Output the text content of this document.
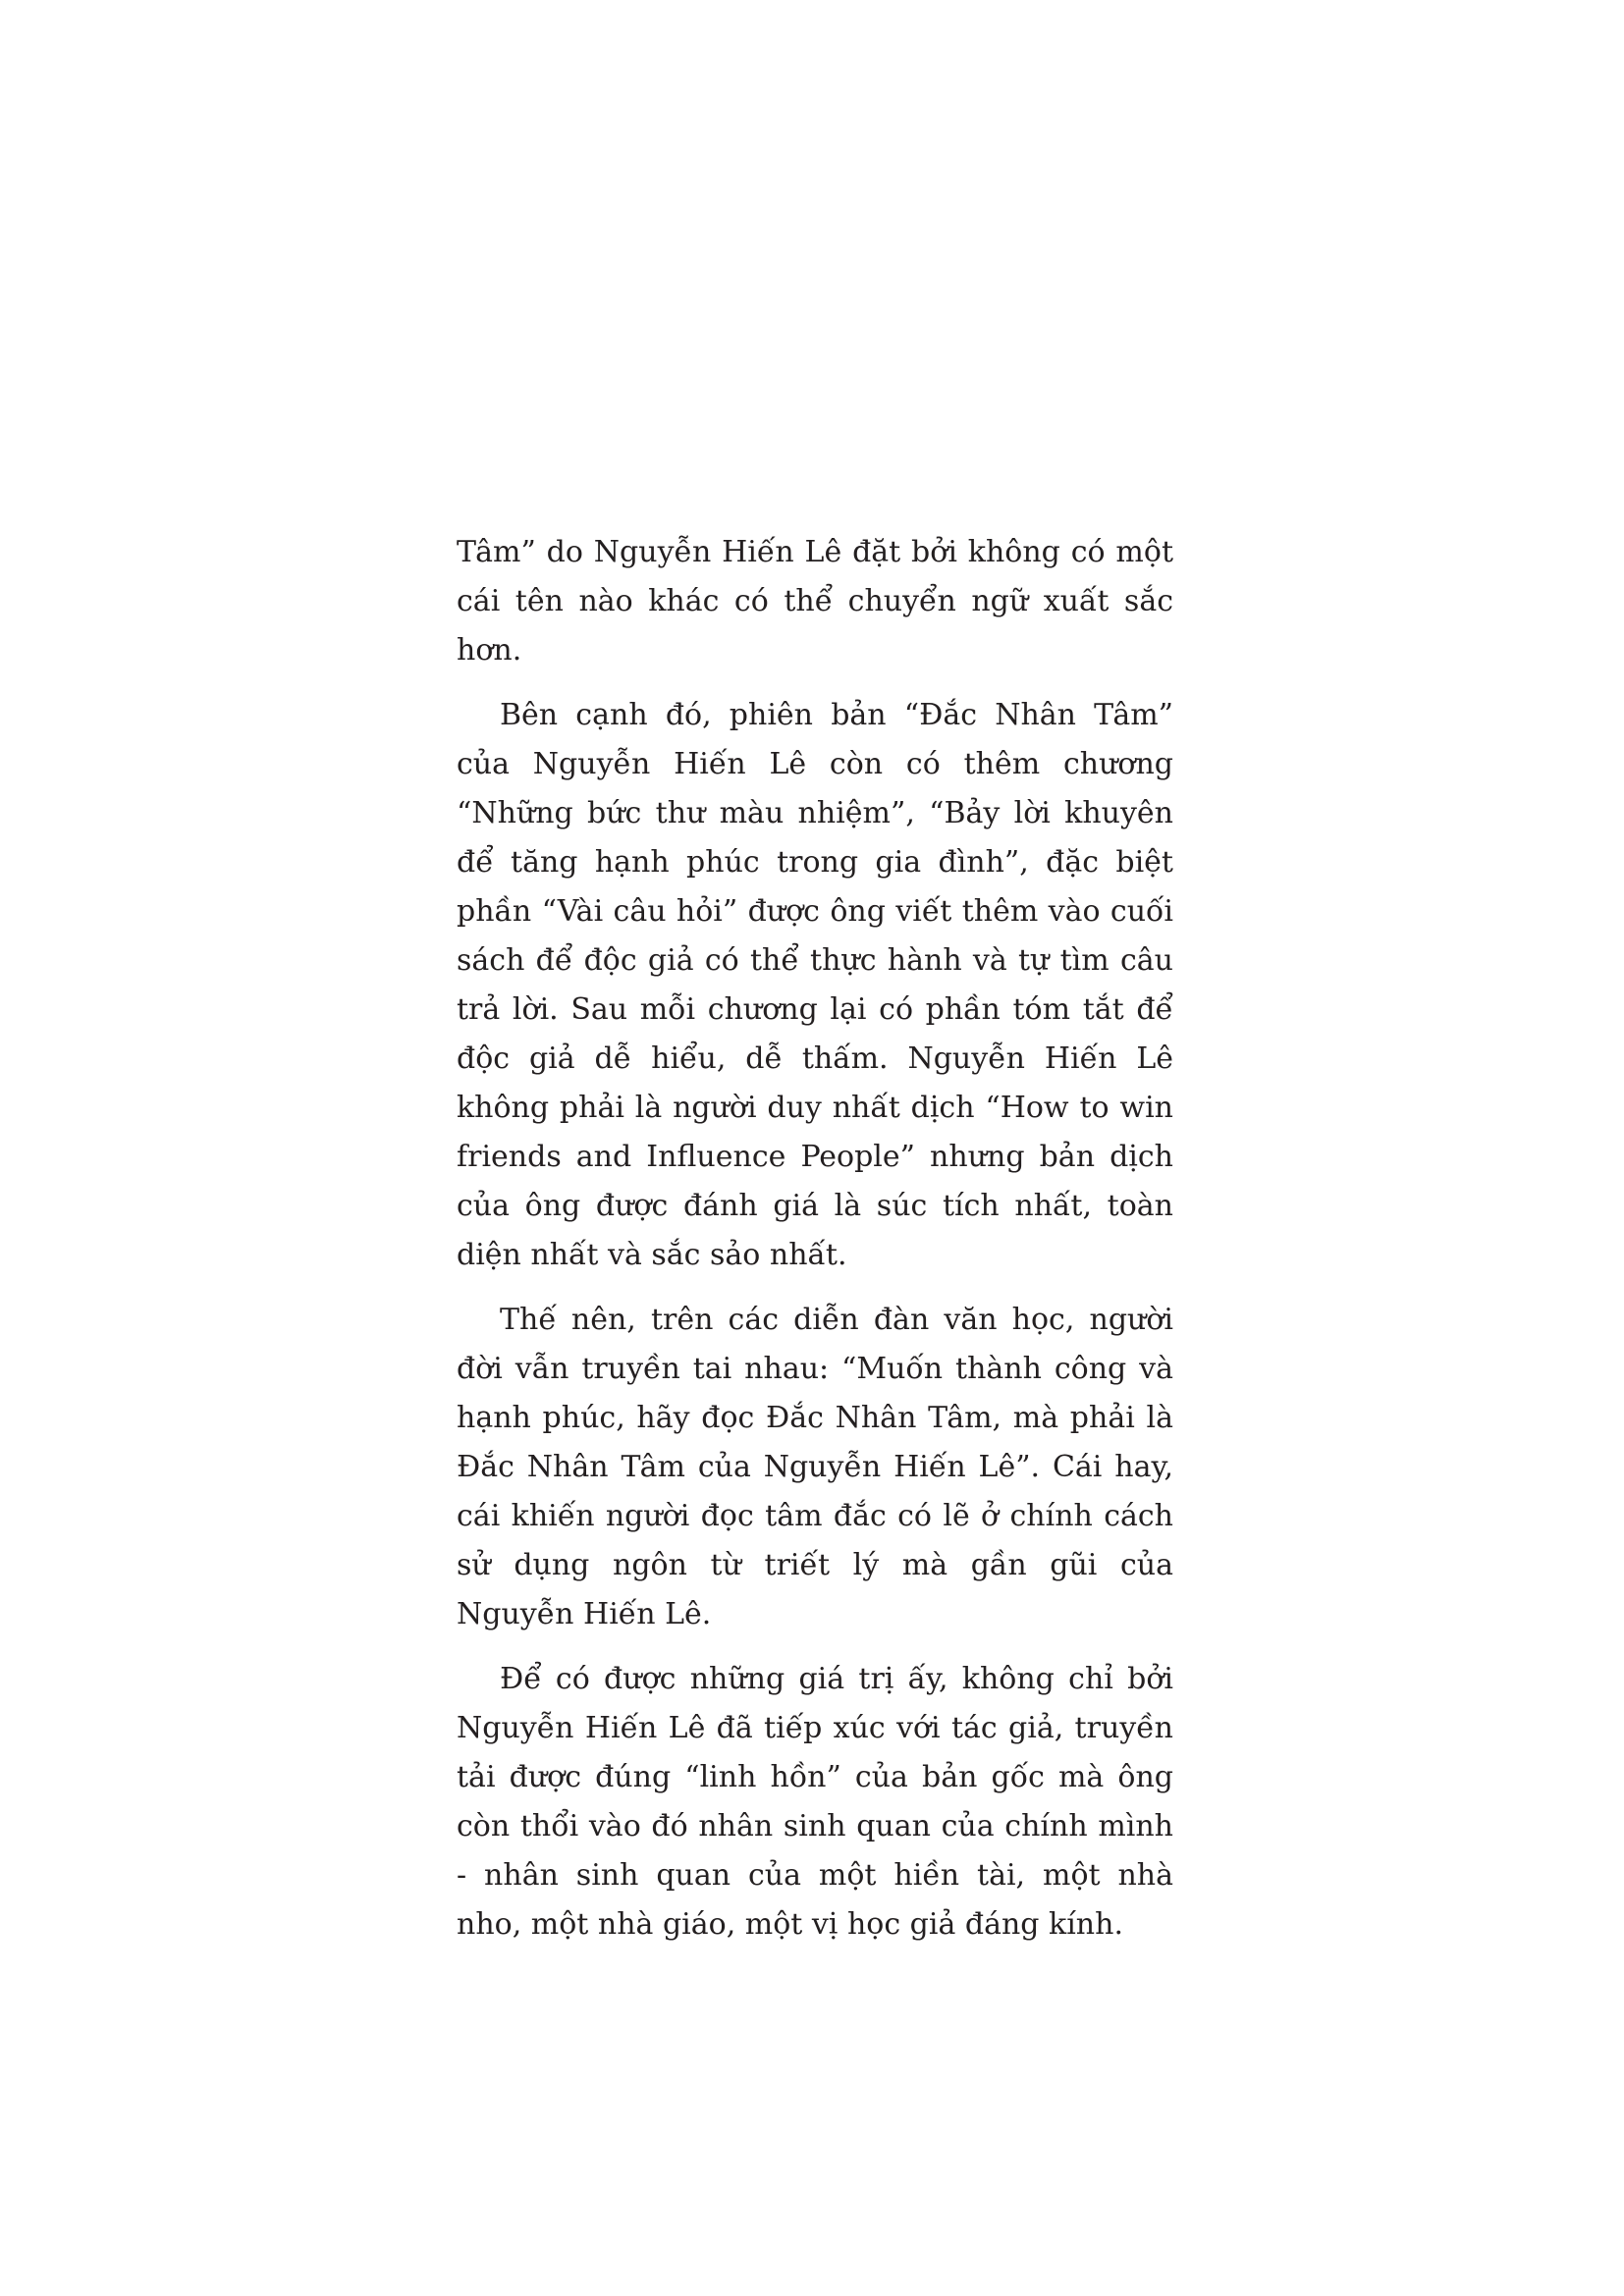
Tâm” do Nguyễn Hiến Lê đặt bởi không có một cái tên nào khác có thể chuyển ngữ xuất sắc hơn.

Bên cạnh đó, phiên bản “Đắc Nhân Tâm” của Nguyễn Hiến Lê còn có thêm chương “Những bức thư màu nhiệm”, “Bảy lời khuyên để tăng hạnh phúc trong gia đình”, đặc biệt phần “Vài câu hỏi” được ông viết thêm vào cuối sách để độc giả có thể thực hành và tự tìm câu trả lời. Sau mỗi chương lại có phần tóm tắt để độc giả dễ hiểu, dễ thấm. Nguyễn Hiến Lê không phải là người duy nhất dịch “How to win friends and Influence People” nhưng bản dịch của ông được đánh giá là súc tích nhất, toàn diện nhất và sắc sảo nhất.

Thế nên, trên các diễn đàn văn học, người đời vẫn truyền tai nhau: “Muốn thành công và hạnh phúc, hãy đọc Đắc Nhân Tâm, mà phải là Đắc Nhân Tâm của Nguyễn Hiến Lê”. Cái hay, cái khiến người đọc tâm đắc có lẽ ở chính cách sử dụng ngôn từ triết lý mà gần gũi của Nguyễn Hiến Lê.

Để có được những giá trị ấy, không chỉ bởi Nguyễn Hiến Lê đã tiếp xúc với tác giả, truyền tải được đúng “linh hồn” của bản gốc mà ông còn thổi vào đó nhân sinh quan của chính mình - nhân sinh quan của một hiền tài, một nhà nho, một nhà giáo, một vị học giả đáng kính.
